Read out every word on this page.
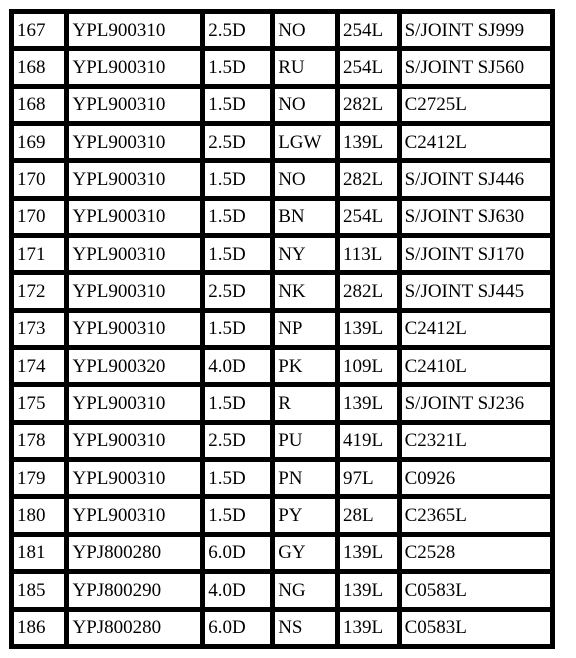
167	YPL900310	2.5D	NO	254L	S/JOINT SJ999
168	YPL900310	1.5D	RU	254L	S/JOINT SJ560
168	YPL900310	1.5D	NO	282L	C2725L
169	YPL900310	2.5D	LGW	139L	C2412L
170	YPL900310	1.5D	NO	282L	S/JOINT SJ446
170	YPL900310	1.5D	BN	254L	S/JOINT SJ630
171	YPL900310	1.5D	NY	113L	S/JOINT SJ170
172	YPL900310	2.5D	NK	282L	S/JOINT SJ445
173	YPL900310	1.5D	NP	139L	C2412L
174	YPL900320	4.0D	PK	109L	C2410L
175	YPL900310	1.5D	R	139L	S/JOINT SJ236
178	YPL900310	2.5D	PU	419L	C2321L
179	YPL900310	1.5D	PN	97L	C0926
180	YPL900310	1.5D	PY	28L	C2365L
181	YPJ800280	6.0D	GY	139L	C2528
185	YPJ800290	4.0D	NG	139L	C0583L
186	YPJ800280	6.0D	NS	139L	C0583L
